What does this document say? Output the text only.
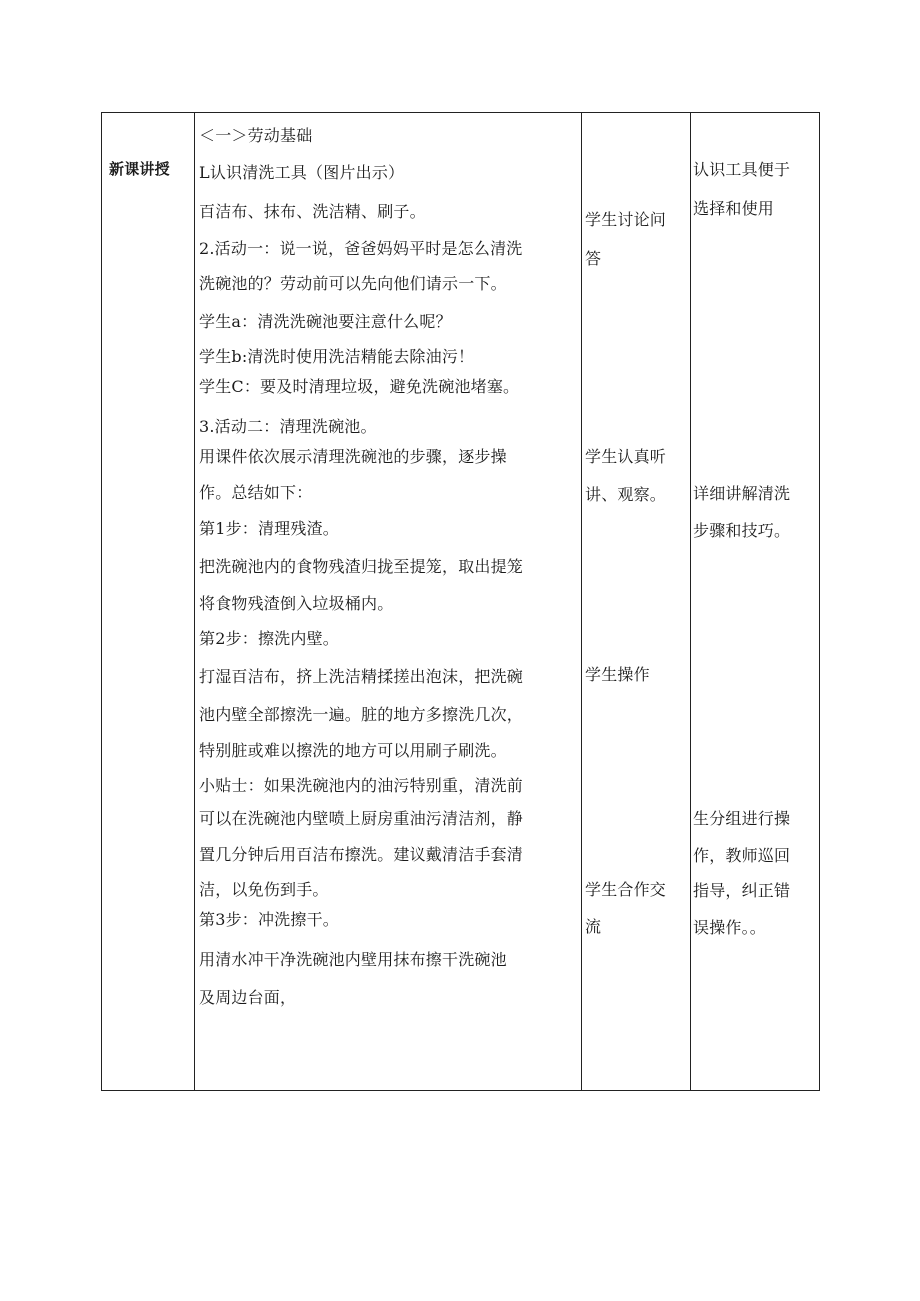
新课讲授
＜一＞劳动基础
L认识清洗工具（图片出示）
百洁布、抹布、洗洁精、刷子。
2.活动一：说一说，爸爸妈妈平时是怎么清洗
洗碗池的？劳动前可以先向他们请示一下。
学生a：清洗洗碗池要注意什么呢？
学生b:清洗时使用洗洁精能去除油污！
学生C：要及时清理垃圾，避免洗碗池堵塞。
3.活动二：清理洗碗池。
用课件依次展示清理洗碗池的步骤，逐步操
作。总结如下：
第1步：清理残渣。
把洗碗池内的食物残渣归拢至提笼，取出提笼
将食物残渣倒入垃圾桶内。
第2步：擦洗内壁。
打湿百洁布，挤上洗洁精揉搓出泡沫，把洗碗
池内壁全部擦洗一遍。脏的地方多擦洗几次，
特别脏或难以擦洗的地方可以用刷子刷洗。
小贴士：如果洗碗池内的油污特别重，清洗前
可以在洗碗池内壁喷上厨房重油污清洁剂，静
置几分钟后用百洁布擦洗。建议戴清洁手套清
洁，以免伤到手。
第3步：冲洗擦干。
用清水冲干净洗碗池内壁用抹布擦干洗碗池
及周边台面，
学生讨论问
答
学生认真听
讲、观察。
学生操作
学生合作交
流
认识工具便于
选择和使用
详细讲解清洗
步骤和技巧。
生分组进行操
作，教师巡回
指导，纠正错
误操作。。
